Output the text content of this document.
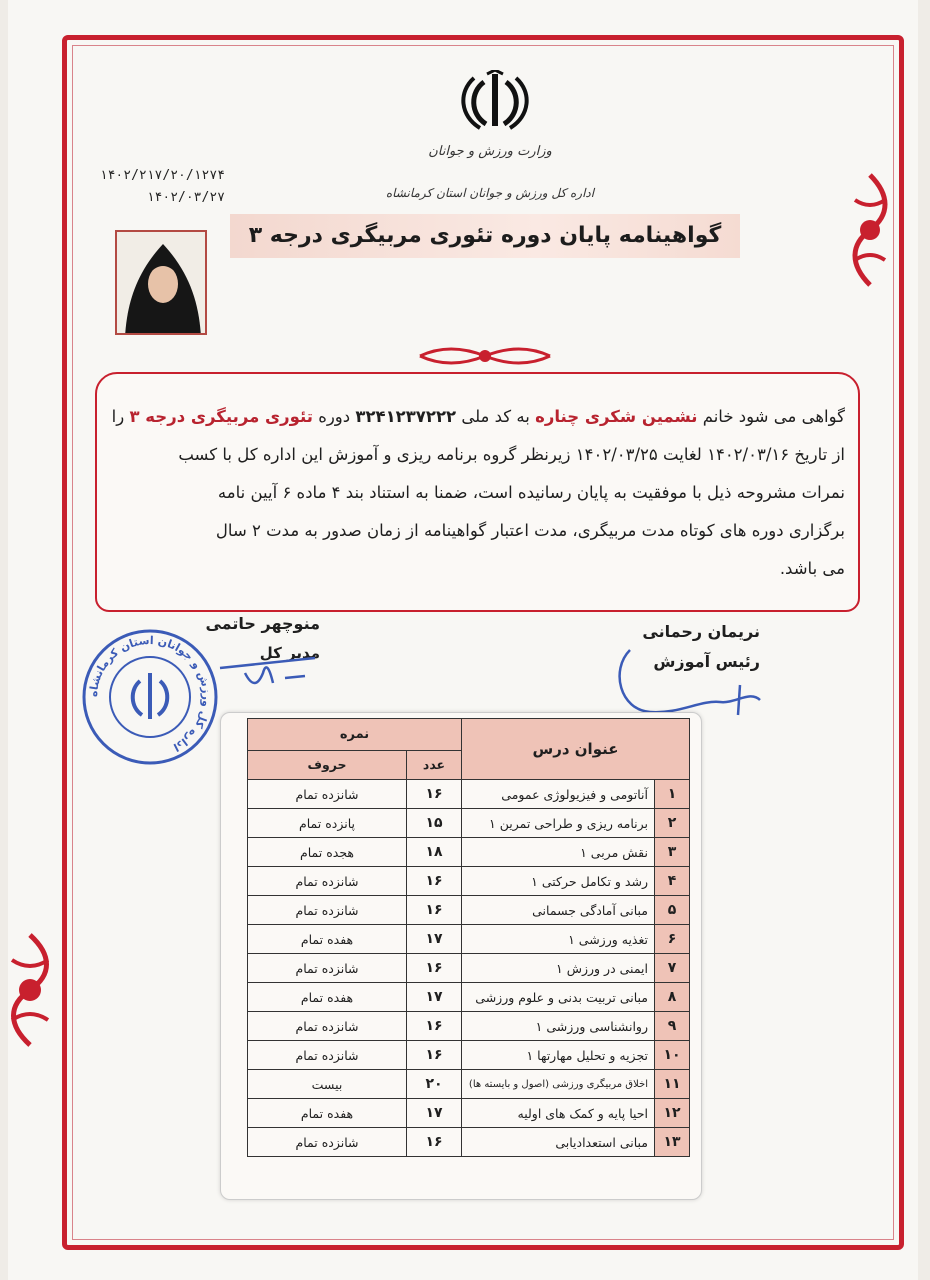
وزارت ورزش و جوانان
اداره کل ورزش و جوانان استان کرمانشاه
۱۴۰۲/۲۱۷/۲۰/۱۲۷۴
۱۴۰۲/۰۳/۲۷
گواهینامه پایان دوره تئوری مربیگری درجه ۳
گواهی می شود خانم نشمین شکری چناره به کد ملی ۳۲۴۱۲۳۷۲۲۲ دوره تئوری مربیگری درجه ۳ را
از تاریخ ۱۴۰۲/۰۳/۱۶ لغایت ۱۴۰۲/۰۳/۲۵ زیرنظر گروه برنامه ریزی و آموزش این اداره کل با کسب
نمرات مشروحه ذیل با موفقیت به پایان رسانیده است، ضمنا به استناد بند ۴ ماده ۶ آیین نامه
برگزاری دوره های کوتاه مدت مربیگری، مدت اعتبار گواهینامه از زمان صدور به مدت ۲ سال
می باشد.
اداره کل ورزش و جوانان استان کرمانشاه
منوچهر حاتمی
مدیر کل
نریمان رحمانی
رئیس آموزش
عنوان درس		نمره	
		عدد	حروف
۱	آناتومی و فیزیولوژی عمومی	۱۶	شانزده تمام
۲	برنامه ریزی و طراحی تمرین ۱	۱۵	پانزده تمام
۳	نقش مربی ۱	۱۸	هجده تمام
۴	رشد و تکامل حرکتی ۱	۱۶	شانزده تمام
۵	مبانی آمادگی جسمانی	۱۶	شانزده تمام
۶	تغذیه ورزشی ۱	۱۷	هفده تمام
۷	ایمنی در ورزش ۱	۱۶	شانزده تمام
۸	مبانی تربیت بدنی و علوم ورزشی	۱۷	هفده تمام
۹	روانشناسی ورزشی ۱	۱۶	شانزده تمام
۱۰	تجزیه و تحلیل مهارتها ۱	۱۶	شانزده تمام
۱۱	اخلاق مربیگری ورزشی (اصول و بایسته ها)	۲۰	بیست
۱۲	احیا پایه و کمک های اولیه	۱۷	هفده تمام
۱۳	مبانی استعدادیابی	۱۶	شانزده تمام
